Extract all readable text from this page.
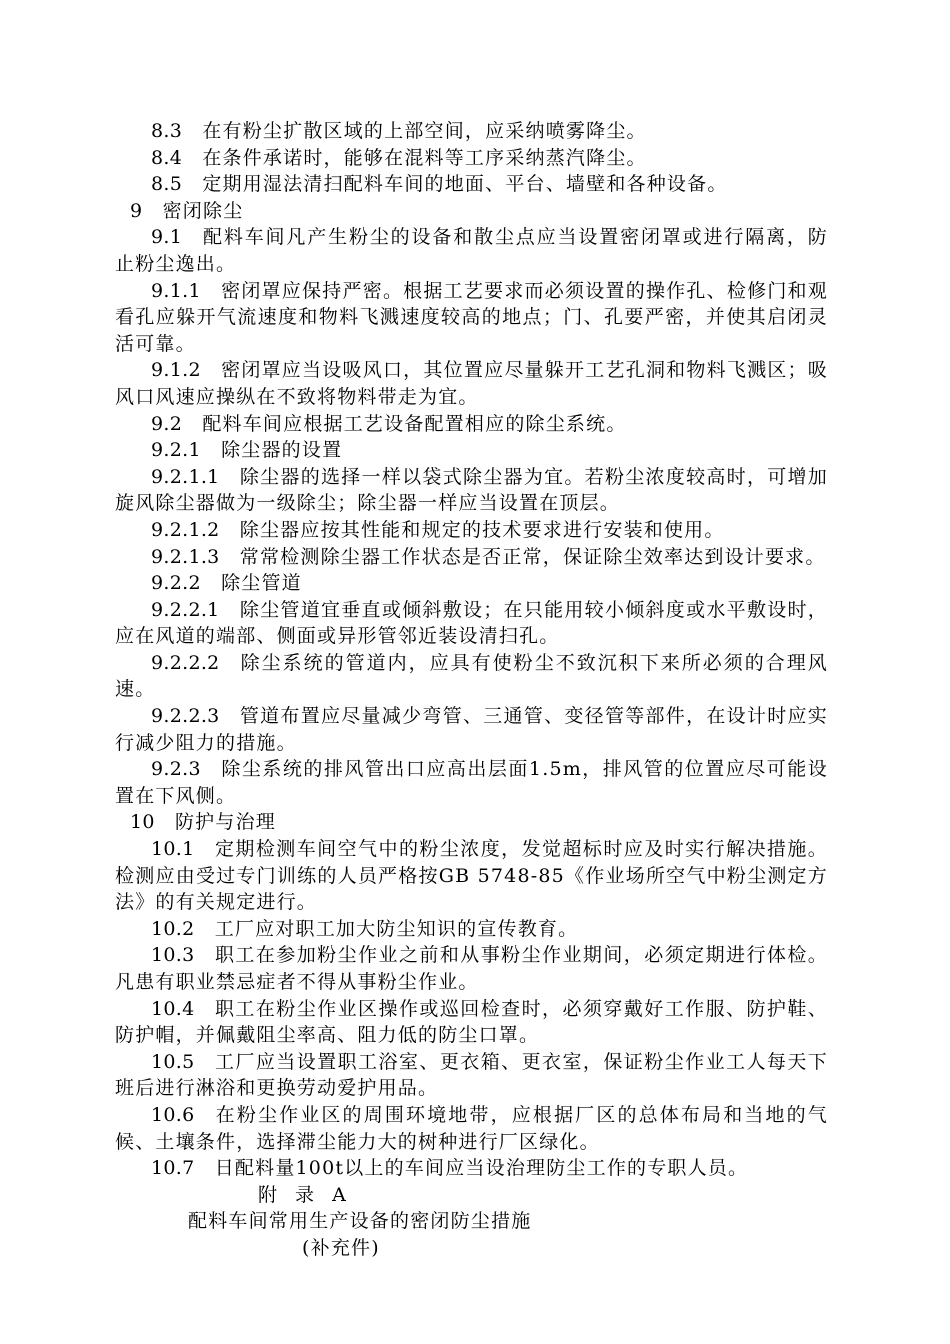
8.3  在有粉尘扩散区域的上部空间，应采纳喷雾降尘。

8.4  在条件承诺时，能够在混料等工序采纳蒸汽降尘。

8.5  定期用湿法清扫配料车间的地面、平台、墙壁和各种设备。

9  密闭除尘

9.1  配料车间凡产生粉尘的设备和散尘点应当设置密闭罩或进行隔离，防止粉尘逸出。

9.1.1  密闭罩应保持严密。根据工艺要求而必须设置的操作孔、检修门和观看孔应躲开气流速度和物料飞溅速度较高的地点；门、孔要严密，并使其启闭灵活可靠。

9.1.2  密闭罩应当设吸风口，其位置应尽量躲开工艺孔洞和物料飞溅区；吸风口风速应操纵在不致将物料带走为宜。

9.2  配料车间应根据工艺设备配置相应的除尘系统。

9.2.1  除尘器的设置

9.2.1.1  除尘器的选择一样以袋式除尘器为宜。若粉尘浓度较高时，可增加旋风除尘器做为一级除尘；除尘器一样应当设置在顶层。

9.2.1.2  除尘器应按其性能和规定的技术要求进行安装和使用。

9.2.1.3  常常检测除尘器工作状态是否正常，保证除尘效率达到设计要求。

9.2.2  除尘管道

9.2.2.1  除尘管道宜垂直或倾斜敷设；在只能用较小倾斜度或水平敷设时，应在风道的端部、侧面或异形管邻近装设清扫孔。

9.2.2.2  除尘系统的管道内，应具有使粉尘不致沉积下来所必须的合理风速。

9.2.2.3  管道布置应尽量减少弯管、三通管、变径管等部件，在设计时应实行减少阻力的措施。

9.2.3  除尘系统的排风管出口应高出层面1.5m，排风管的位置应尽可能设置在下风侧。

10  防护与治理

10.1  定期检测车间空气中的粉尘浓度，发觉超标时应及时实行解决措施。检测应由受过专门训练的人员严格按GB 5748-85《作业场所空气中粉尘测定方法》的有关规定进行。

10.2  工厂应对职工加大防尘知识的宣传教育。

10.3  职工在参加粉尘作业之前和从事粉尘作业期间，必须定期进行体检。凡患有职业禁忌症者不得从事粉尘作业。

10.4  职工在粉尘作业区操作或巡回检查时，必须穿戴好工作服、防护鞋、防护帽，并佩戴阻尘率高、阻力低的防尘口罩。

10.5  工厂应当设置职工浴室、更衣箱、更衣室，保证粉尘作业工人每天下班后进行淋浴和更换劳动爱护用品。

10.6  在粉尘作业区的周围环境地带，应根据厂区的总体布局和当地的气候、土壤条件，选择滞尘能力大的树种进行厂区绿化。

10.7  日配料量100t以上的车间应当设治理防尘工作的专职人员。

附 录 A
配料车间常用生产设备的密闭防尘措施
(补充件)
